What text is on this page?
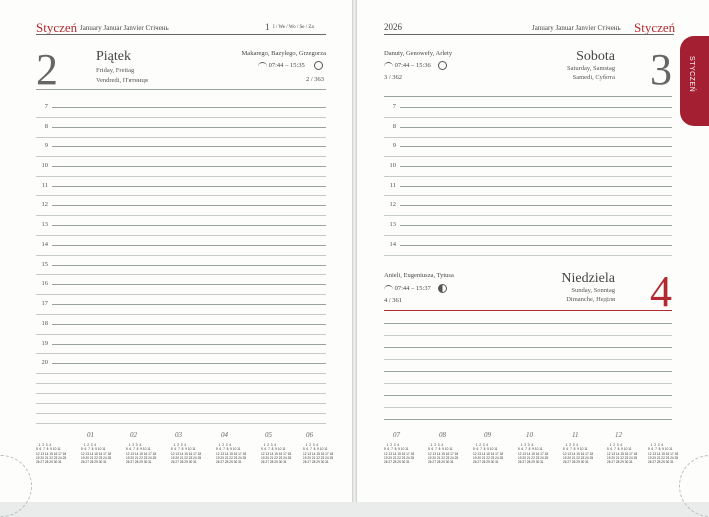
Styczeń January Januar Janvier Cтiчень	1 I / We / Wo / Se / Za
2	Piątek
Friday, Freitag
Vendredi, П'ятниця
Makarego, Bazylego, Grzegorza
07:44 – 15:35
2 / 363
7
8
9
10
11
12
13
14
15
16
17
18
19
20
01	02	03	04	05	06
1  2  3  4
5  6  7  8  9 10 11
12 13 14 15 16 17 18
19 20 21 22 23 24 25
26 27 28 29 30 31
1  2  3  4
5  6  7  8  9 10 11
12 13 14 15 16 17 18
19 20 21 22 23 24 25
26 27 28 29 30 31
1  2  3  4
5  6  7  8  9 10 11
12 13 14 15 16 17 18
19 20 21 22 23 24 25
26 27 28 29 30 31
1  2  3  4
5  6  7  8  9 10 11
12 13 14 15 16 17 18
19 20 21 22 23 24 25
26 27 28 29 30 31
1  2  3  4
5  6  7  8  9 10 11
12 13 14 15 16 17 18
19 20 21 22 23 24 25
26 27 28 29 30 31
1  2  3  4
5  6  7  8  9 10 11
12 13 14 15 16 17 18
19 20 21 22 23 24 25
26 27 28 29 30 31
1  2  3  4
5  6  7  8  9 10 11
12 13 14 15 16 17 18
19 20 21 22 23 24 25
26 27 28 29 30 31
2026	January Januar Janvier Cтiчень Styczeń
STYCZEŃ
Danuty, Genowefy, Arlety
07:44 – 15:36
3 / 362
Sobota
Saturday, Samstag
Samedi, Субота 3
7
8
9
10
11
12
13
14
Anieli, Eugeniusza, Tytusa
07:44 – 15:37
4 / 361
Niedziela
Sunday, Sonntag
Dimanche, Неділя 4
07	08	09	10	11	12
1  2  3  4
5  6  7  8  9 10 11
12 13 14 15 16 17 18
19 20 21 22 23 24 25
26 27 28 29 30 31
1  2  3  4
5  6  7  8  9 10 11
12 13 14 15 16 17 18
19 20 21 22 23 24 25
26 27 28 29 30 31
1  2  3  4
5  6  7  8  9 10 11
12 13 14 15 16 17 18
19 20 21 22 23 24 25
26 27 28 29 30 31
1  2  3  4
5  6  7  8  9 10 11
12 13 14 15 16 17 18
19 20 21 22 23 24 25
26 27 28 29 30 31
1  2  3  4
5  6  7  8  9 10 11
12 13 14 15 16 17 18
19 20 21 22 23 24 25
26 27 28 29 30 31
1  2  3  4
5  6  7  8  9 10 11
12 13 14 15 16 17 18
19 20 21 22 23 24 25
26 27 28 29 30 31
1  2  3  4
5  6  7  8  9 10 11
12 13 14 15 16 17 18
19 20 21 22 23 24 25
26 27 28 29 30 31
